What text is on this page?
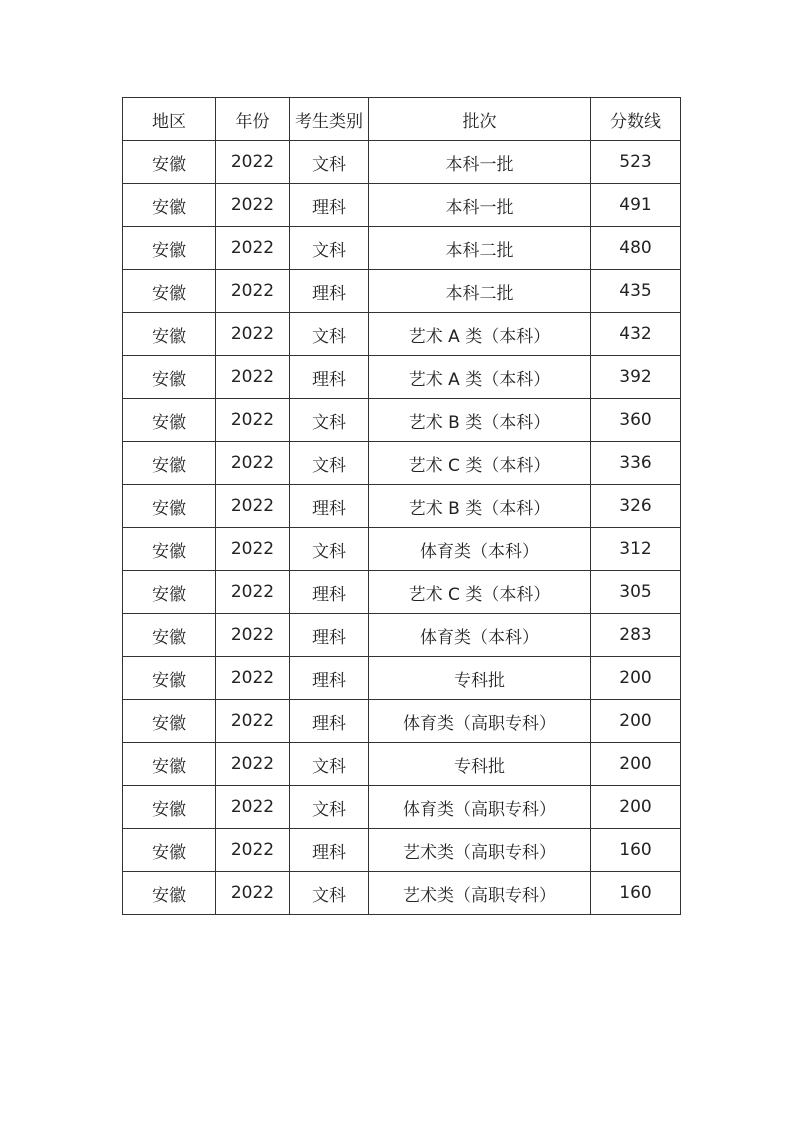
地区	年份	考生类别	批次	分数线
安徽	2022	文科	本科一批	523
安徽	2022	理科	本科一批	491
安徽	2022	文科	本科二批	480
安徽	2022	理科	本科二批	435
安徽	2022	文科	艺术 A 类（本科）	432
安徽	2022	理科	艺术 A 类（本科）	392
安徽	2022	文科	艺术 B 类（本科）	360
安徽	2022	文科	艺术 C 类（本科）	336
安徽	2022	理科	艺术 B 类（本科）	326
安徽	2022	文科	体育类（本科）	312
安徽	2022	理科	艺术 C 类（本科）	305
安徽	2022	理科	体育类（本科）	283
安徽	2022	理科	专科批	200
安徽	2022	理科	体育类（高职专科）	200
安徽	2022	文科	专科批	200
安徽	2022	文科	体育类（高职专科）	200
安徽	2022	理科	艺术类（高职专科）	160
安徽	2022	文科	艺术类（高职专科）	160
